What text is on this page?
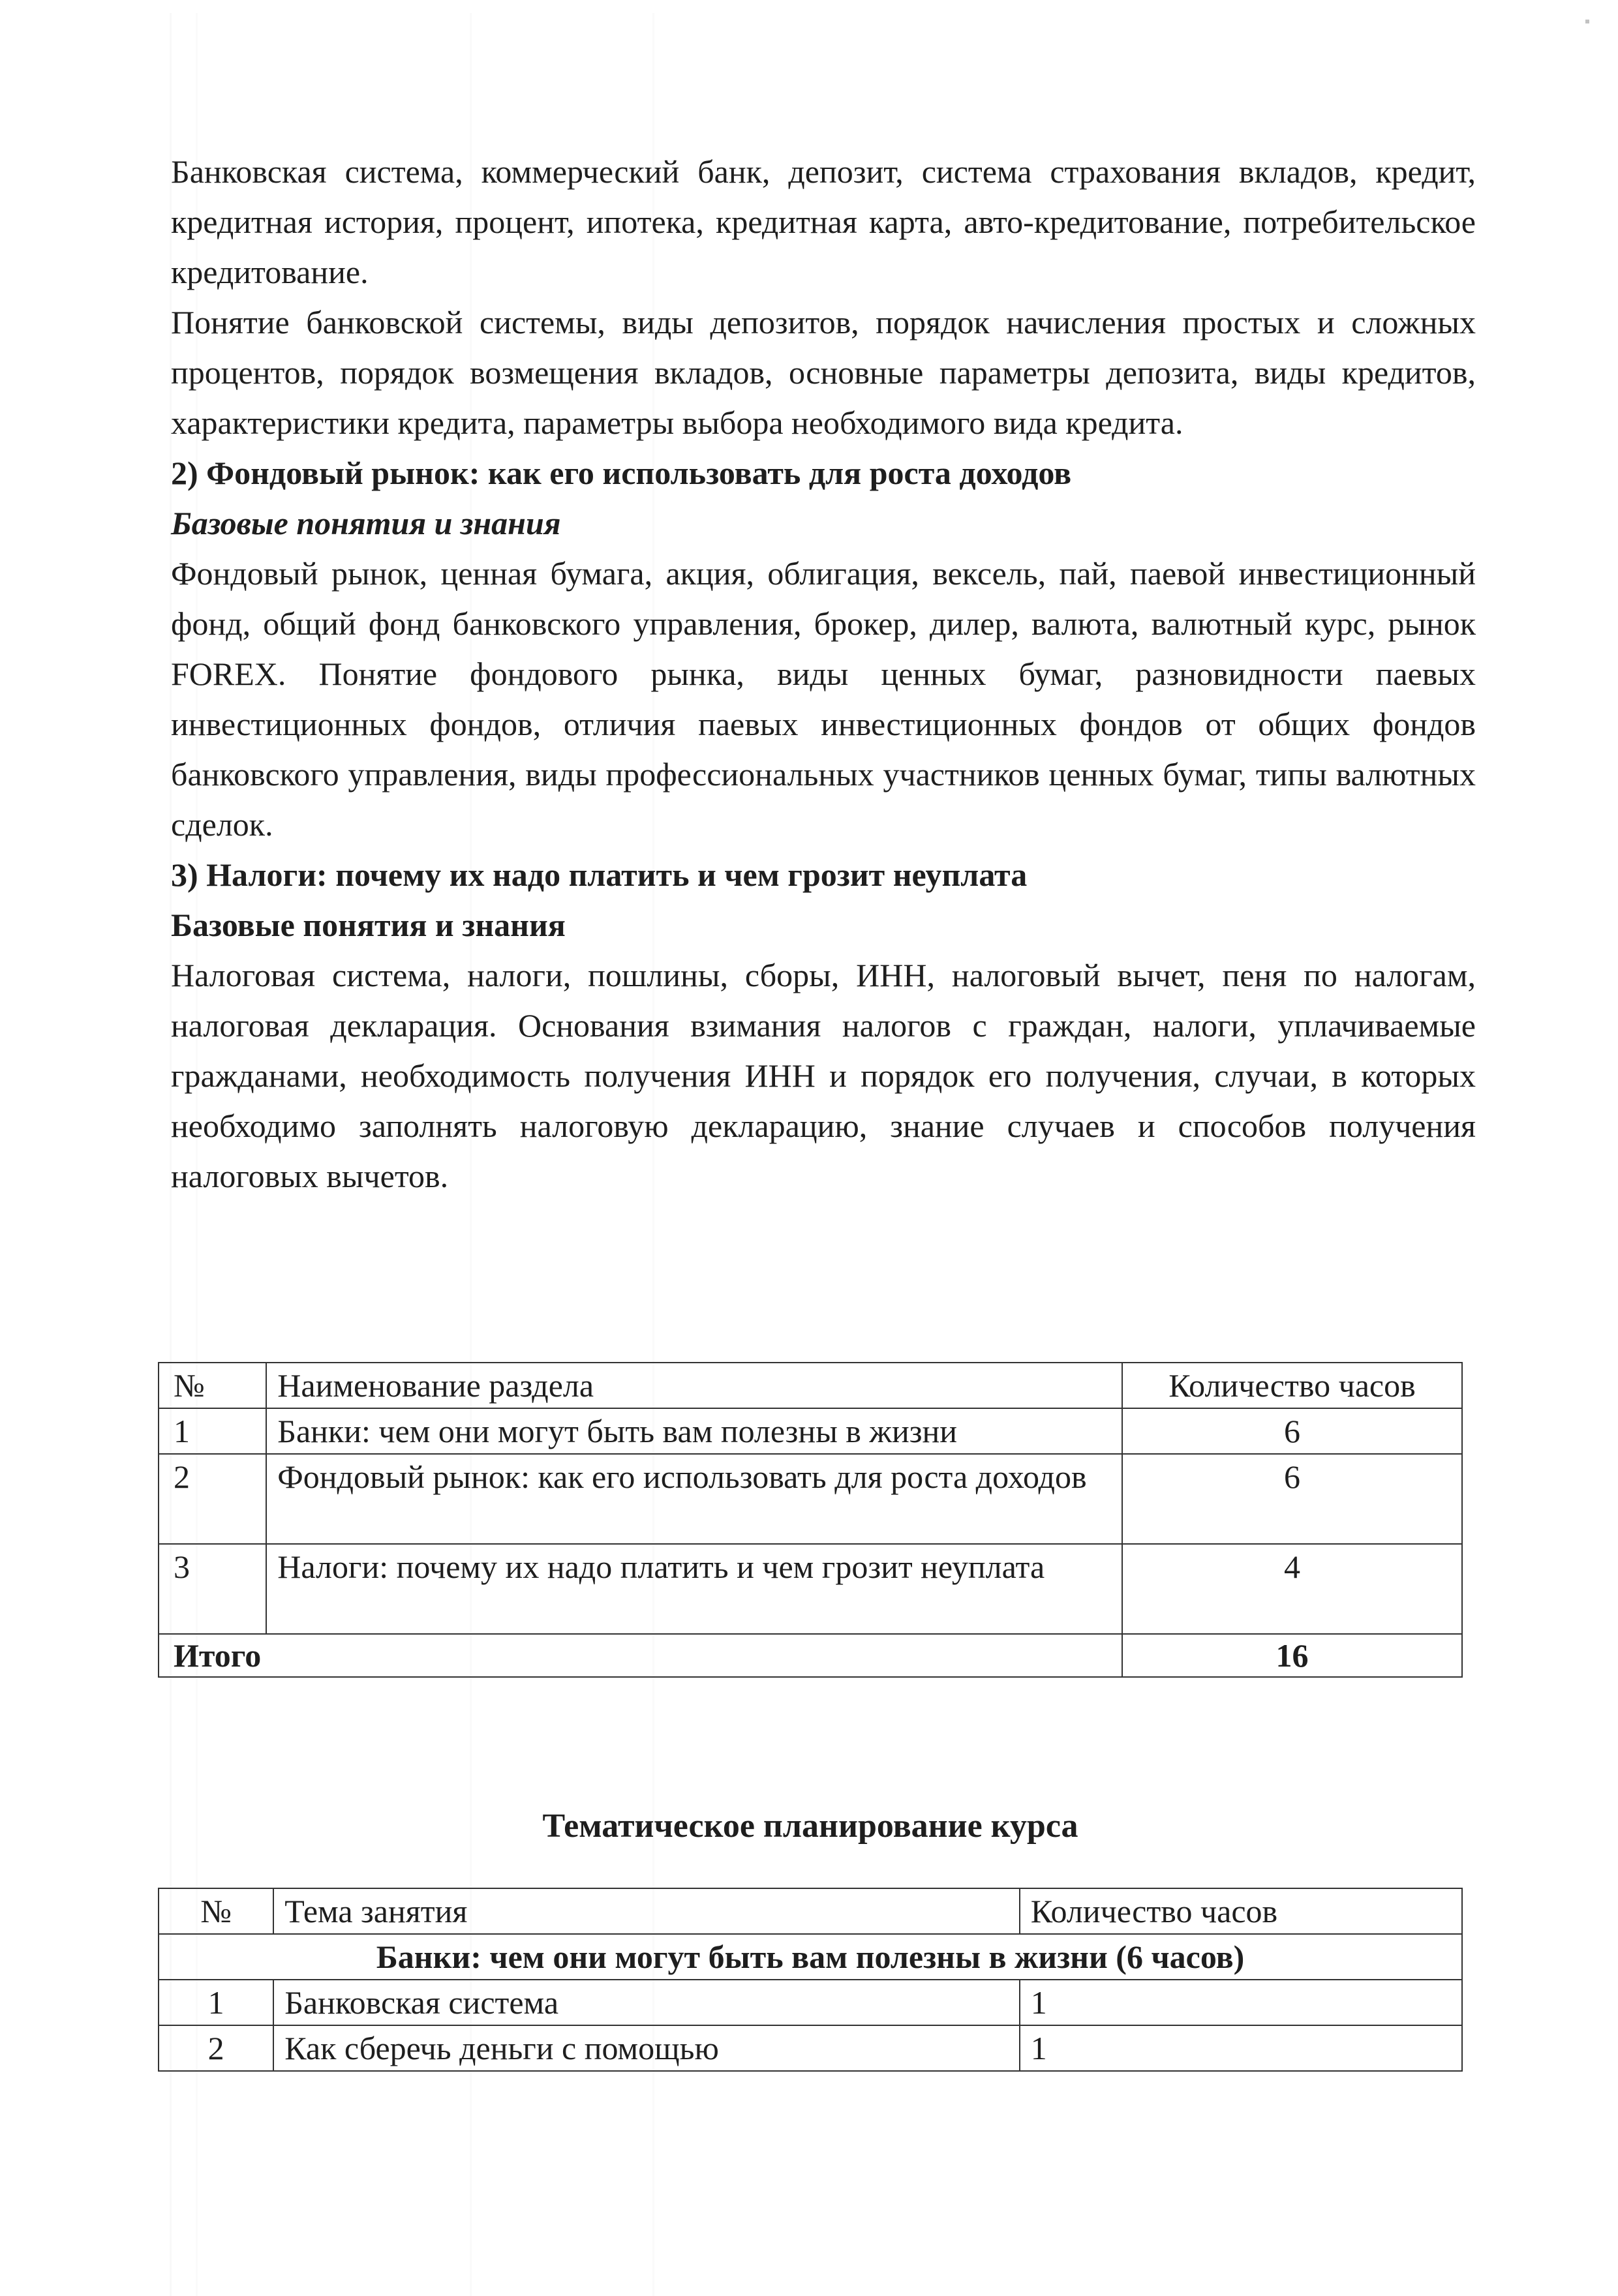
Банковская система, коммерческий банк, депозит, система страхования вкладов, кредит, кредитная история, процент, ипотека, кредитная карта, авто-кредитование, потребительское кредитование.

Понятие банковской системы, виды депозитов, порядок начисления простых и сложных процентов, порядок возмещения вкладов, основные параметры депозита, виды кредитов, характеристики кредита, параметры выбора необходимого вида кредита.

2) Фондовый рынок: как его использовать для роста доходов

Базовые понятия и знания

Фондовый рынок, ценная бумага, акция, облигация, вексель, пай, паевой инвестиционный фонд, общий фонд банковского управления, брокер, дилер, валюта, валютный курс, рынок FOREX. Понятие фондового рынка, виды ценных бумаг, разновидности паевых инвестиционных фондов, отличия паевых инвестиционных фондов от общих фондов банковского управления, виды профессиональных участников ценных бумаг, типы валютных сделок.

3) Налоги: почему их надо платить и чем грозит неуплата

Базовые понятия и знания

Налоговая система, налоги, пошлины, сборы, ИНН, налоговый вычет, пеня по налогам, налоговая декларация. Основания взимания налогов с граждан, налоги, уплачиваемые гражданами, необходимость получения ИНН и порядок его получения, случаи, в которых необходимо заполнять налоговую декларацию, знание случаев и способов получения налоговых вычетов.

№	Наименование раздела	Количество часов
1	Банки: чем они могут быть вам полезны в жизни	6
2	Фондовый рынок: как его использовать для роста доходов	6
3	Налоги: почему их надо платить и чем грозит неуплата	4
Итого		16
Тематическое планирование курса
№	Тема занятия	Количество часов
Банки: чем они могут быть вам полезны в жизни (6 часов)		
1	Банковская система	1
2	Как сберечь деньги с помощью	1
